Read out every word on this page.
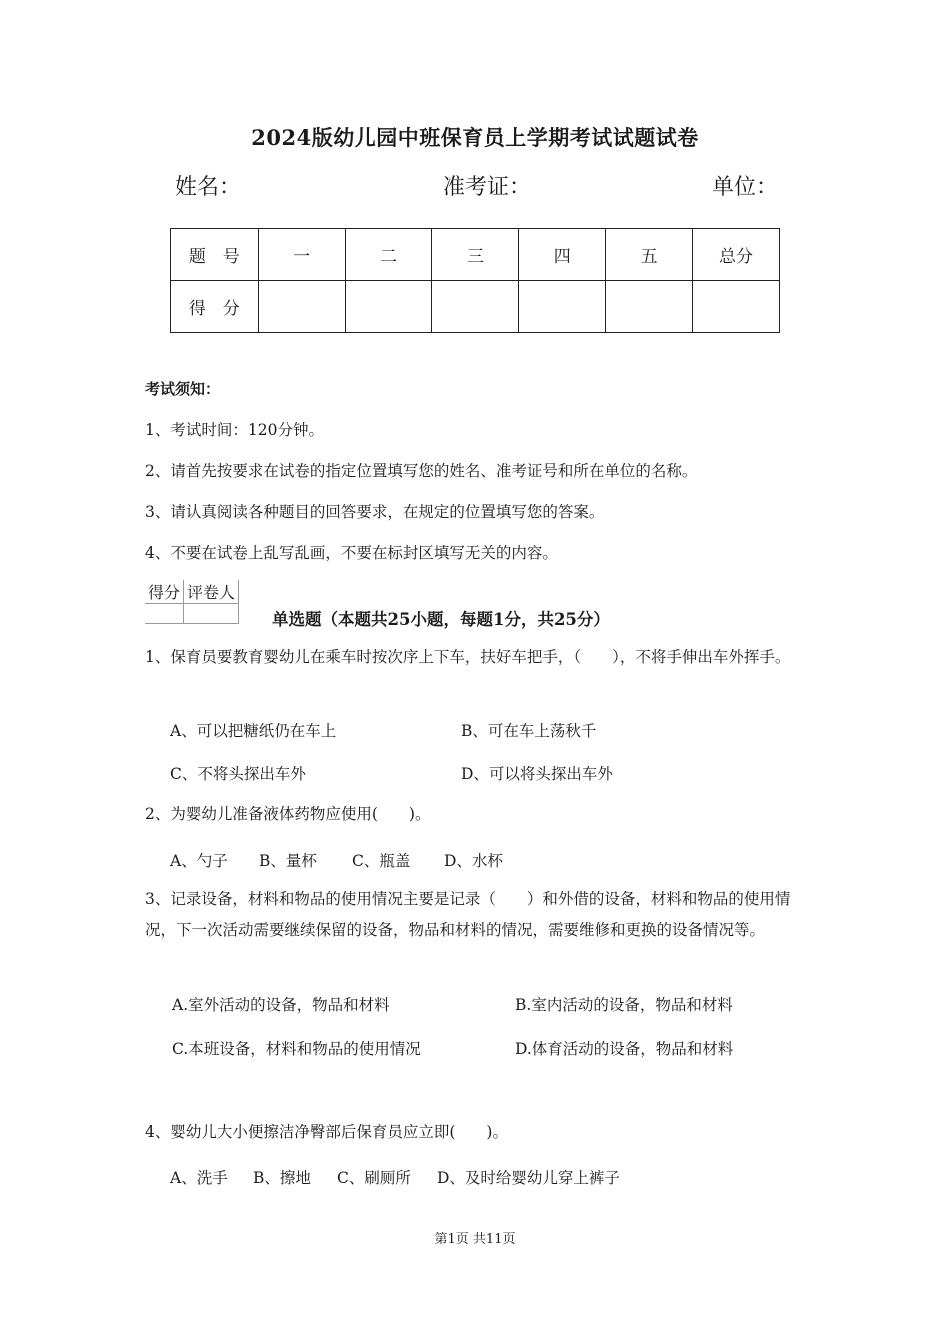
2024版幼儿园中班保育员上学期考试试题试卷
姓名：	准考证：	单位：
题　号	一	二	三	四	五	总分
得　分						
考试须知：
1、考试时间：120分钟。
2、请首先按要求在试卷的指定位置填写您的姓名、准考证号和所在单位的名称。
3、请认真阅读各种题目的回答要求，在规定的位置填写您的答案。
4、不要在试卷上乱写乱画，不要在标封区填写无关的内容。
得分	评卷人

单选题（本题共25小题，每题1分，共25分）
1、保育员要教育婴幼儿在乘车时按次序上下车，扶好车把手，（　　），不将手伸出车外挥手。
A、可以把糖纸仍在车上	B、可在车上荡秋千
C、不将头探出车外	D、可以将头探出车外
2、为婴幼儿准备液体药物应使用(　　)。
A、勺子 B、量杯 C、瓶盖 D、水杯
3、记录设备，材料和物品的使用情况主要是记录（　　）和外借的设备，材料和物品的使用情况，下一次活动需要继续保留的设备，物品和材料的情况，需要维修和更换的设备情况等。
A.室外活动的设备，物品和材料	B.室内活动的设备，物品和材料
C.本班设备，材料和物品的使用情况	D.体育活动的设备，物品和材料
4、婴幼儿大小便擦洁净臀部后保育员应立即(　　)。
A、洗手 B、擦地 C、刷厕所 D、及时给婴幼儿穿上裤子
第1页 共11页
